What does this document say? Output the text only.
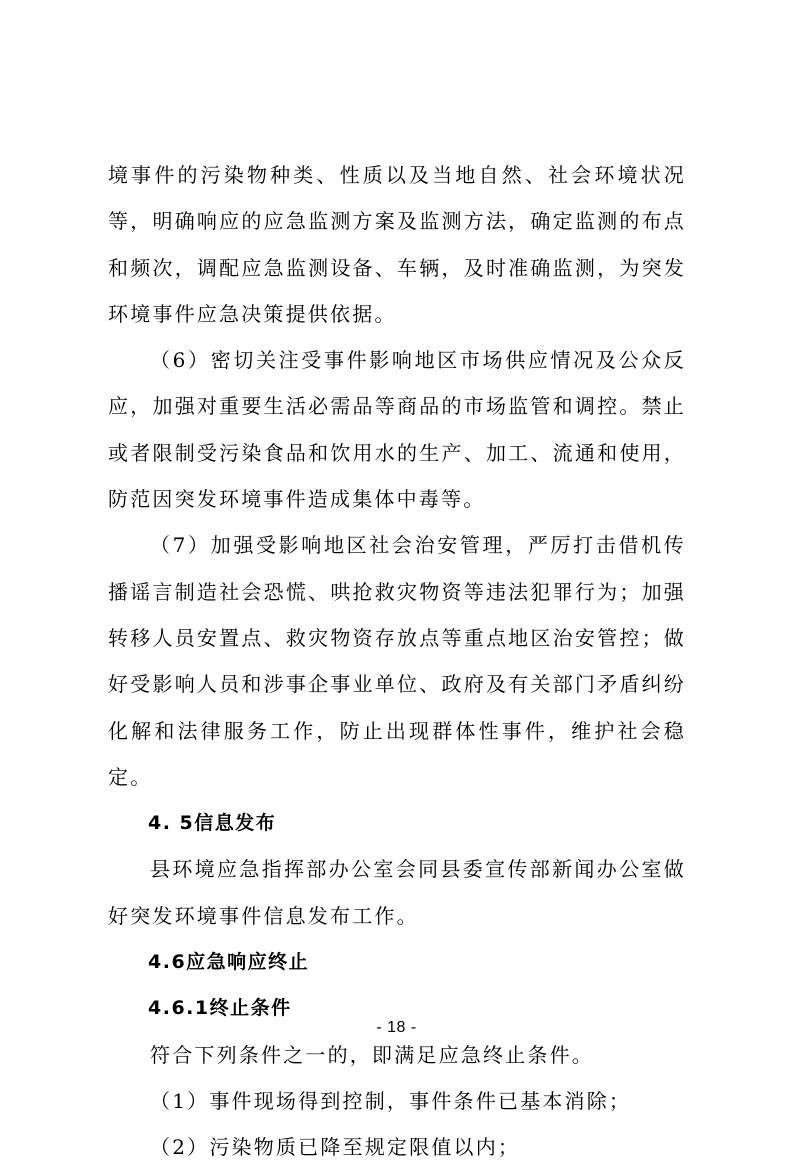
境事件的污染物种类、性质以及当地自然、社会环境状况等，明确响应的应急监测方案及监测方法，确定监测的布点和频次，调配应急监测设备、车辆，及时准确监测，为突发环境事件应急决策提供依据。

（6）密切关注受事件影响地区市场供应情况及公众反应，加强对重要生活必需品等商品的市场监管和调控。禁止或者限制受污染食品和饮用水的生产、加工、流通和使用，防范因突发环境事件造成集体中毒等。

（7）加强受影响地区社会治安管理，严厉打击借机传播谣言制造社会恐慌、哄抢救灾物资等违法犯罪行为；加强转移人员安置点、救灾物资存放点等重点地区治安管控；做好受影响人员和涉事企事业单位、政府及有关部门矛盾纠纷化解和法律服务工作，防止出现群体性事件，维护社会稳定。

4. 5信息发布

县环境应急指挥部办公室会同县委宣传部新闻办公室做好突发环境事件信息发布工作。

4.6应急响应终止

4.6.1终止条件

符合下列条件之一的，即满足应急终止条件。

（1）事件现场得到控制，事件条件已基本消除；

（2）污染物质已降至规定限值以内；

- 18 -
